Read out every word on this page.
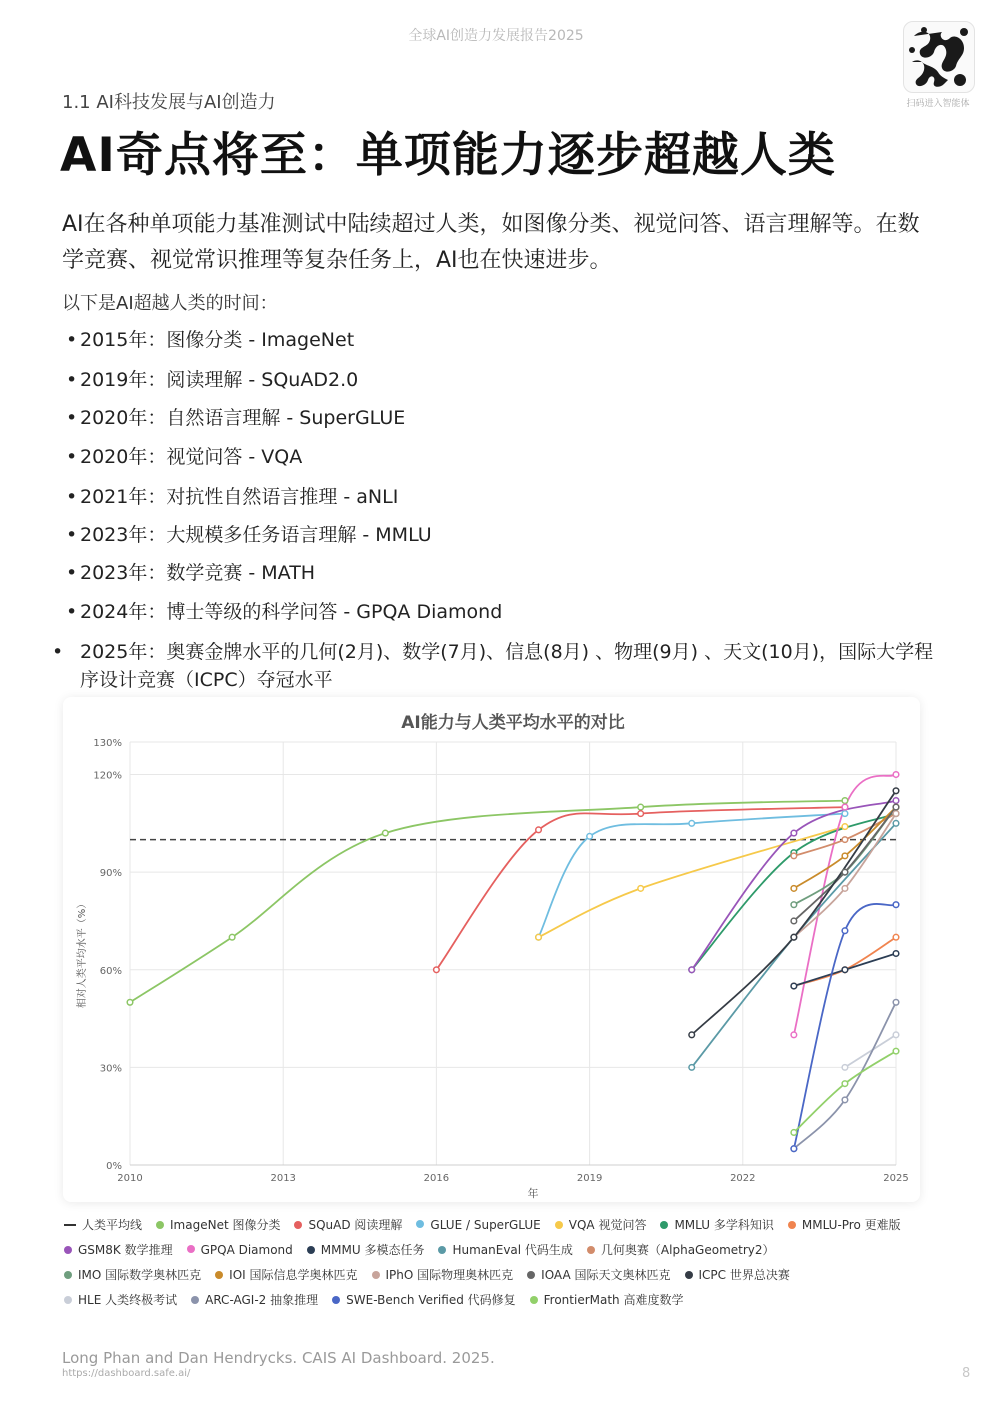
全球AI创造力发展报告2025
扫码进入智能体
1.1 AI科技发展与AI创造力
AI奇点将至：单项能力逐步超越人类
AI在各种单项能力基准测试中陆续超过人类，如图像分类、视觉问答、语言理解等。在数学竞赛、视觉常识推理等复杂任务上，AI也在快速进步。
以下是AI超越人类的时间：
• 2015年：图像分类 - ImageNet
• 2019年：阅读理解 - SQuAD2.0
• 2020年：自然语言理解 - SuperGLUE
• 2020年：视觉问答 - VQA
• 2021年：对抗性自然语言推理 - aNLI
• 2023年：大规模多任务语言理解 - MMLU
• 2023年：数学竞赛 - MATH
• 2024年：博士等级的科学问答 - GPQA Diamond
• 2025年：奥赛金牌水平的几何(2月)、数学(7月)、信息(8月) 、物理(9月) 、天文(10月)，国际大学程序设计竞赛（ICPC）夺冠水平
AI能力与人类平均水平的对比
0%
30%
60%
90%
120%
130%
2010	2013	2016	2019	2022	2025
年
相对人类平均水平（%）
人类平均线 ImageNet 图像分类 SQuAD 阅读理解 GLUE / SuperGLUE VQA 视觉问答 MMLU 多学科知识 MMLU-Pro 更难版
GSM8K 数学推理 GPQA Diamond MMMU 多模态任务 HumanEval 代码生成 几何奥赛（AlphaGeometry2）
IMO 国际数学奥林匹克 IOI 国际信息学奥林匹克 IPhO 国际物理奥林匹克 IOAA 国际天文奥林匹克 ICPC 世界总决赛
HLE 人类终极考试 ARC-AGI-2 抽象推理 SWE-Bench Verified 代码修复 FrontierMath 高难度数学
Long Phan and Dan Hendrycks. CAIS AI Dashboard. 2025.
https://dashboard.safe.ai/	8
